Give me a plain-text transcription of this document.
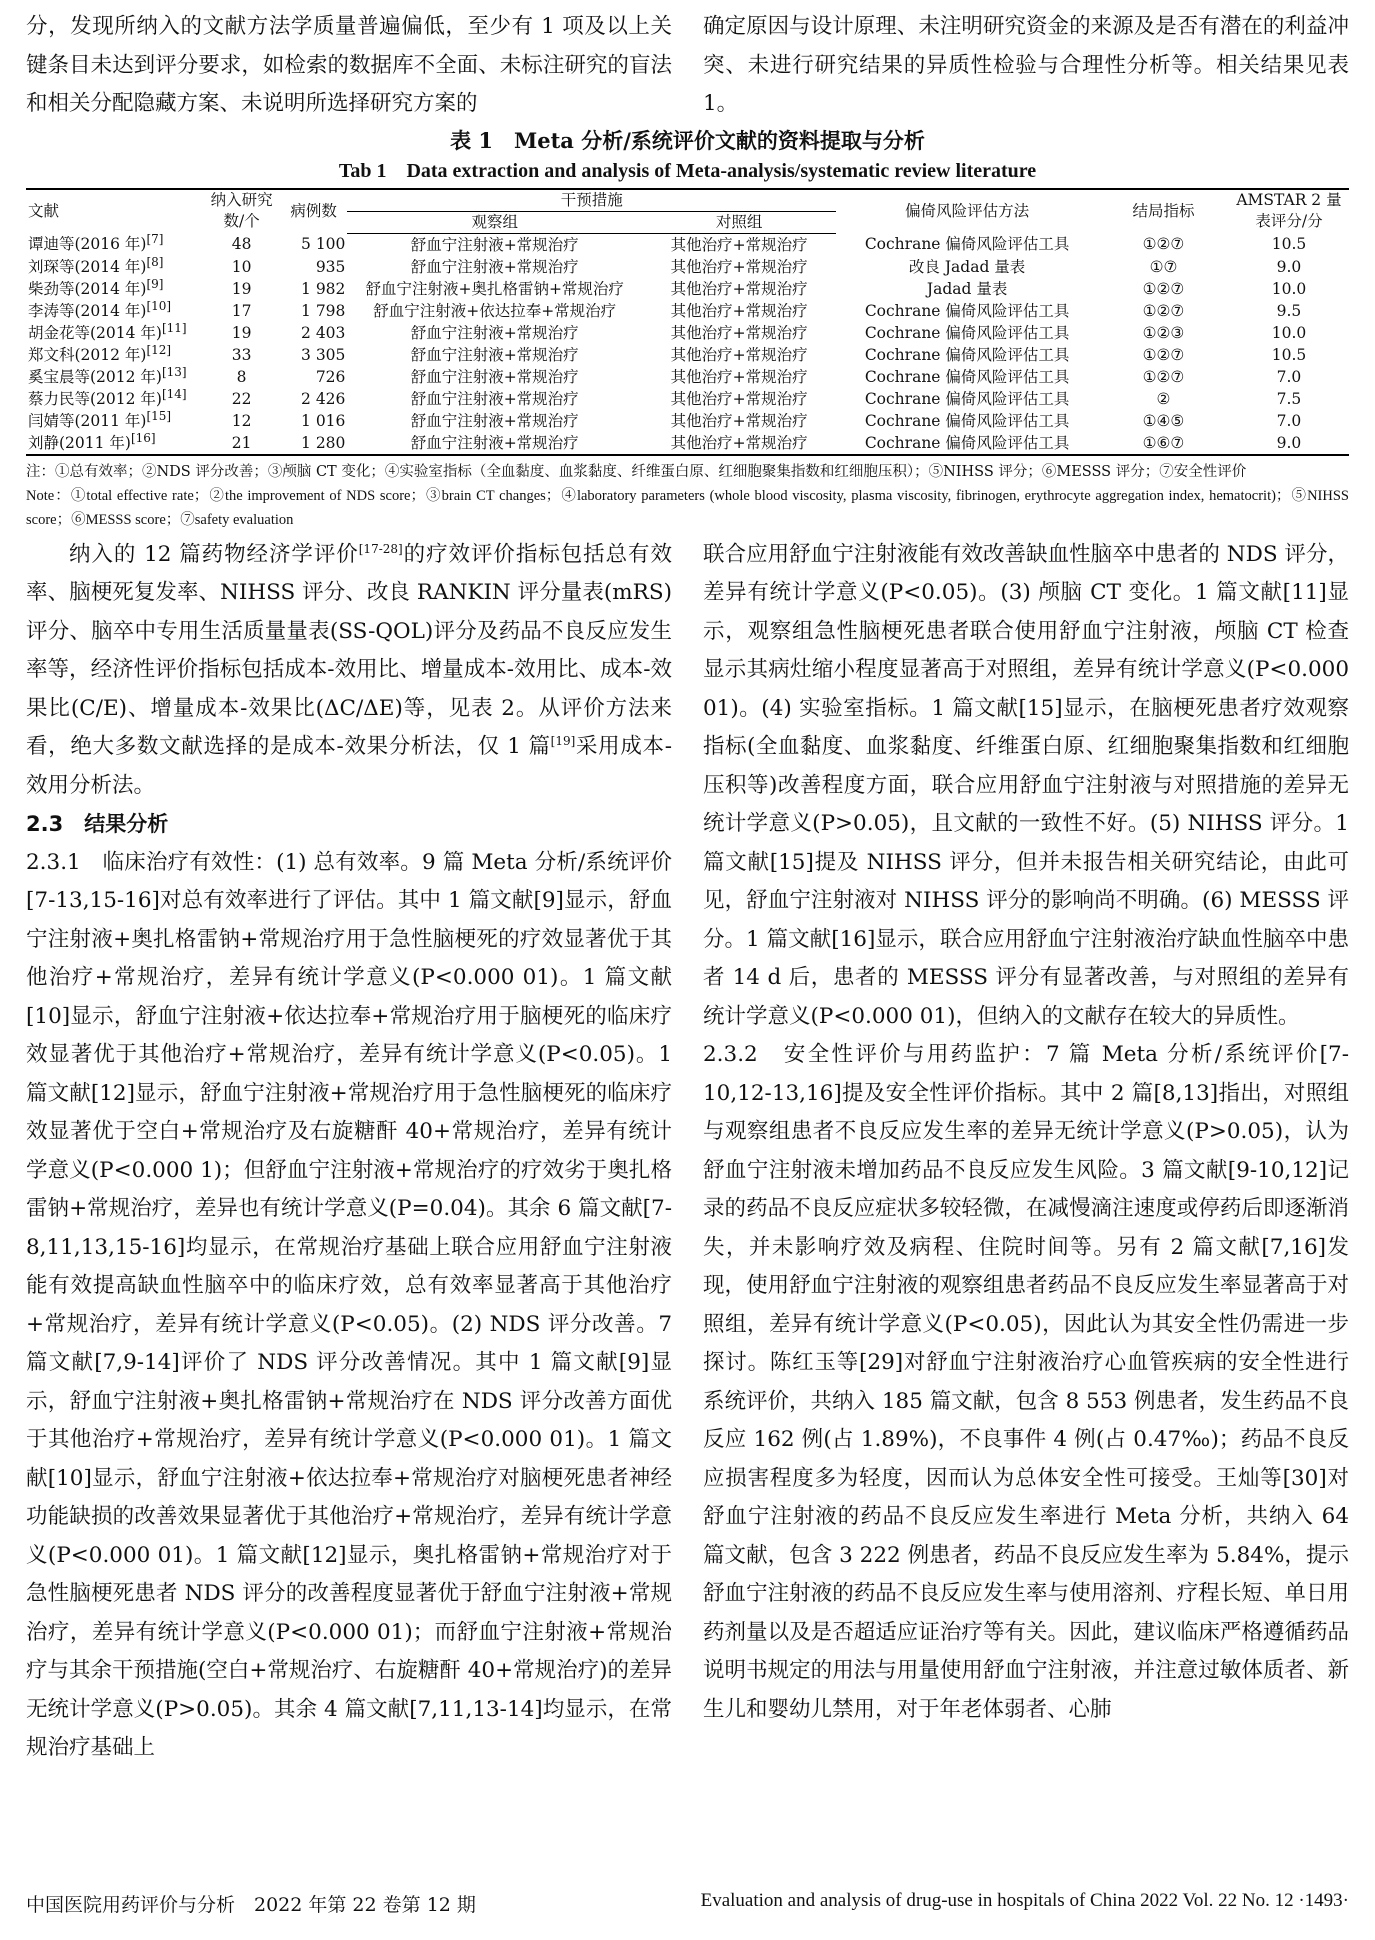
分，发现所纳入的文献方法学质量普遍偏低，至少有 1 项及以上关键条目未达到评分要求，如检索的数据库不全面、未标注研究的盲法和相关分配隐藏方案、未说明所选择研究方案的

确定原因与设计原理、未注明研究资金的来源及是否有潜在的利益冲突、未进行研究结果的异质性检验与合理性分析等。相关结果见表 1。

表 1　Meta 分析/系统评价文献的资料提取与分析
Tab 1　Data extraction and analysis of Meta-analysis/systematic review literature
文献	纳入研究数/个	病例数	干预措施		偏倚风险评估方法	结局指标	AMSTAR 2 量表评分/分
			观察组	对照组			
谭迪等(2016 年)[7]	48	5 100	舒血宁注射液+常规治疗	其他治疗+常规治疗	Cochrane 偏倚风险评估工具	①②⑦	10.5
刘琛等(2014 年)[8]	10	935	舒血宁注射液+常规治疗	其他治疗+常规治疗	改良 Jadad 量表	①⑦	9.0
柴劲等(2014 年)[9]	19	1 982	舒血宁注射液+奥扎格雷钠+常规治疗	其他治疗+常规治疗	Jadad 量表	①②⑦	10.0
李涛等(2014 年)[10]	17	1 798	舒血宁注射液+依达拉奉+常规治疗	其他治疗+常规治疗	Cochrane 偏倚风险评估工具	①②⑦	9.5
胡金花等(2014 年)[11]	19	2 403	舒血宁注射液+常规治疗	其他治疗+常规治疗	Cochrane 偏倚风险评估工具	①②③	10.0
郑文科(2012 年)[12]	33	3 305	舒血宁注射液+常规治疗	其他治疗+常规治疗	Cochrane 偏倚风险评估工具	①②⑦	10.5
奚宝晨等(2012 年)[13]	8	726	舒血宁注射液+常规治疗	其他治疗+常规治疗	Cochrane 偏倚风险评估工具	①②⑦	7.0
蔡力民等(2012 年)[14]	22	2 426	舒血宁注射液+常规治疗	其他治疗+常规治疗	Cochrane 偏倚风险评估工具	②	7.5
闫婧等(2011 年)[15]	12	1 016	舒血宁注射液+常规治疗	其他治疗+常规治疗	Cochrane 偏倚风险评估工具	①④⑤	7.0
刘静(2011 年)[16]	21	1 280	舒血宁注射液+常规治疗	其他治疗+常规治疗	Cochrane 偏倚风险评估工具	①⑥⑦	9.0
注：①总有效率；②NDS 评分改善；③颅脑 CT 变化；④实验室指标（全血黏度、血浆黏度、纤维蛋白原、红细胞聚集指数和红细胞压积）；⑤NIHSS 评分；⑥MESSS 评分；⑦安全性评价
Note：①total effective rate；②the improvement of NDS score；③brain CT changes；④laboratory parameters (whole blood viscosity, plasma viscosity, fibrinogen, erythrocyte aggregation index, hematocrit)；⑤NIHSS score；⑥MESSS score；⑦safety evaluation

纳入的 12 篇药物经济学评价[17-28]的疗效评价指标包括总有效率、脑梗死复发率、NIHSS 评分、改良 RANKIN 评分量表(mRS)评分、脑卒中专用生活质量量表(SS-QOL)评分及药品不良反应发生率等，经济性评价指标包括成本-效用比、增量成本-效用比、成本-效果比(C/E)、增量成本-效果比(ΔC/ΔE)等，见表 2。从评价方法来看，绝大多数文献选择的是成本-效果分析法，仅 1 篇[19]采用成本-效用分析法。

2.3　结果分析

2.3.1　临床治疗有效性：(1) 总有效率。9 篇 Meta 分析/系统评价[7-13,15-16]对总有效率进行了评估。其中 1 篇文献[9]显示，舒血宁注射液+奥扎格雷钠+常规治疗用于急性脑梗死的疗效显著优于其他治疗+常规治疗，差异有统计学意义(P<0.000 01)。1 篇文献[10]显示，舒血宁注射液+依达拉奉+常规治疗用于脑梗死的临床疗效显著优于其他治疗+常规治疗，差异有统计学意义(P<0.05)。1 篇文献[12]显示，舒血宁注射液+常规治疗用于急性脑梗死的临床疗效显著优于空白+常规治疗及右旋糖酐 40+常规治疗，差异有统计学意义(P<0.000 1)；但舒血宁注射液+常规治疗的疗效劣于奥扎格雷钠+常规治疗，差异也有统计学意义(P=0.04)。其余 6 篇文献[7-8,11,13,15-16]均显示，在常规治疗基础上联合应用舒血宁注射液能有效提高缺血性脑卒中的临床疗效，总有效率显著高于其他治疗+常规治疗，差异有统计学意义(P<0.05)。(2) NDS 评分改善。7 篇文献[7,9-14]评价了 NDS 评分改善情况。其中 1 篇文献[9]显示，舒血宁注射液+奥扎格雷钠+常规治疗在 NDS 评分改善方面优于其他治疗+常规治疗，差异有统计学意义(P<0.000 01)。1 篇文献[10]显示，舒血宁注射液+依达拉奉+常规治疗对脑梗死患者神经功能缺损的改善效果显著优于其他治疗+常规治疗，差异有统计学意义(P<0.000 01)。1 篇文献[12]显示，奥扎格雷钠+常规治疗对于急性脑梗死患者 NDS 评分的改善程度显著优于舒血宁注射液+常规治疗，差异有统计学意义(P<0.000 01)；而舒血宁注射液+常规治疗与其余干预措施(空白+常规治疗、右旋糖酐 40+常规治疗)的差异无统计学意义(P>0.05)。其余 4 篇文献[7,11,13-14]均显示，在常规治疗基础上

联合应用舒血宁注射液能有效改善缺血性脑卒中患者的 NDS 评分，差异有统计学意义(P<0.05)。(3) 颅脑 CT 变化。1 篇文献[11]显示，观察组急性脑梗死患者联合使用舒血宁注射液，颅脑 CT 检查显示其病灶缩小程度显著高于对照组，差异有统计学意义(P<0.000 01)。(4) 实验室指标。1 篇文献[15]显示，在脑梗死患者疗效观察指标(全血黏度、血浆黏度、纤维蛋白原、红细胞聚集指数和红细胞压积等)改善程度方面，联合应用舒血宁注射液与对照措施的差异无统计学意义(P>0.05)，且文献的一致性不好。(5) NIHSS 评分。1 篇文献[15]提及 NIHSS 评分，但并未报告相关研究结论，由此可见，舒血宁注射液对 NIHSS 评分的影响尚不明确。(6) MESSS 评分。1 篇文献[16]显示，联合应用舒血宁注射液治疗缺血性脑卒中患者 14 d 后，患者的 MESSS 评分有显著改善，与对照组的差异有统计学意义(P<0.000 01)，但纳入的文献存在较大的异质性。

2.3.2　安全性评价与用药监护：7 篇 Meta 分析/系统评价[7-10,12-13,16]提及安全性评价指标。其中 2 篇[8,13]指出，对照组与观察组患者不良反应发生率的差异无统计学意义(P>0.05)，认为舒血宁注射液未增加药品不良反应发生风险。3 篇文献[9-10,12]记录的药品不良反应症状多较轻微，在减慢滴注速度或停药后即逐渐消失，并未影响疗效及病程、住院时间等。另有 2 篇文献[7,16]发现，使用舒血宁注射液的观察组患者药品不良反应发生率显著高于对照组，差异有统计学意义(P<0.05)，因此认为其安全性仍需进一步探讨。陈红玉等[29]对舒血宁注射液治疗心血管疾病的安全性进行系统评价，共纳入 185 篇文献，包含 8 553 例患者，发生药品不良反应 162 例(占 1.89%)，不良事件 4 例(占 0.47‰)；药品不良反应损害程度多为轻度，因而认为总体安全性可接受。王灿等[30]对舒血宁注射液的药品不良反应发生率进行 Meta 分析，共纳入 64 篇文献，包含 3 222 例患者，药品不良反应发生率为 5.84%，提示舒血宁注射液的药品不良反应发生率与使用溶剂、疗程长短、单日用药剂量以及是否超适应证治疗等有关。因此，建议临床严格遵循药品说明书规定的用法与用量使用舒血宁注射液，并注意过敏体质者、新生儿和婴幼儿禁用，对于年老体弱者、心肺

中国医院用药评价与分析　2022 年第 22 卷第 12 期	Evaluation and analysis of drug-use in hospitals of China 2022 Vol. 22 No. 12 ·1493·
